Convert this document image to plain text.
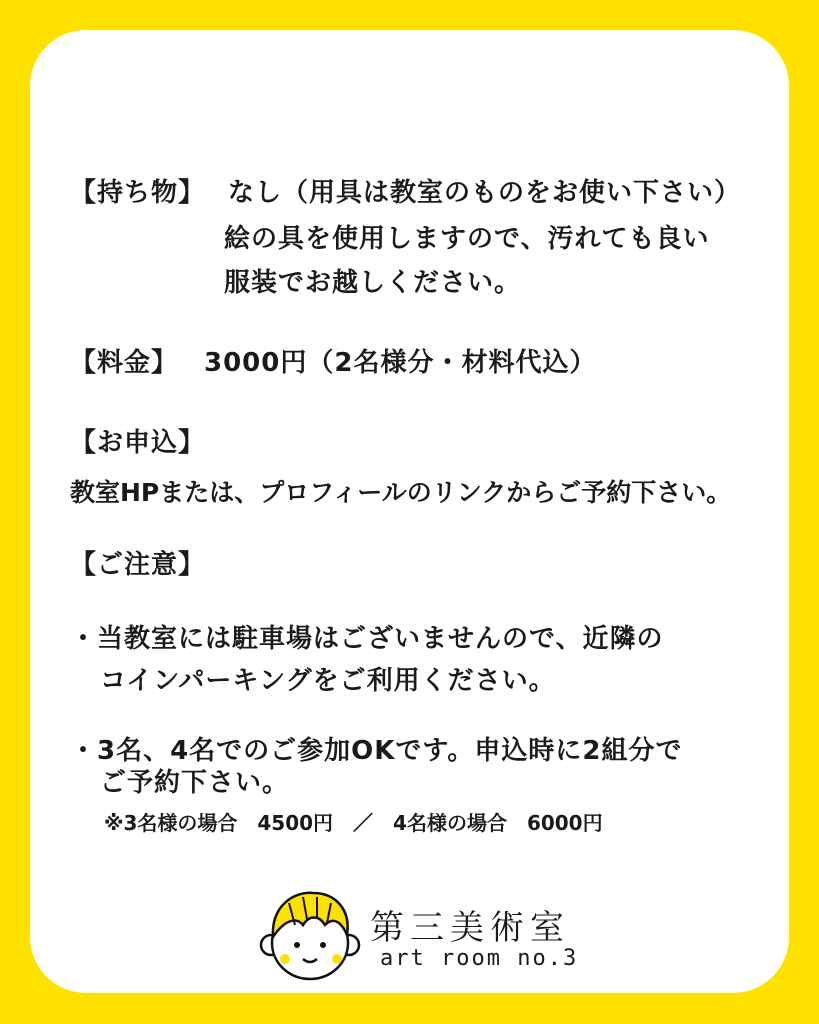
【持ち物】 なし（用具は教室のものをお使い下さい）
絵の具を使用しますので、汚れても良い
服装でお越しください。
【料金】 3000円（2名様分・材料代込）
【お申込】
教室HPまたは、プロフィールのリンクからご予約下さい。
【ご注意】
・当教室には駐車場はございませんので、近隣の
コインパーキングをご利用ください。
・3名、4名でのご参加OKです。申込時に2組分で
ご予約下さい。
※3名様の場合　4500円　／　4名様の場合　6000円
第三美術室
art room no.3
